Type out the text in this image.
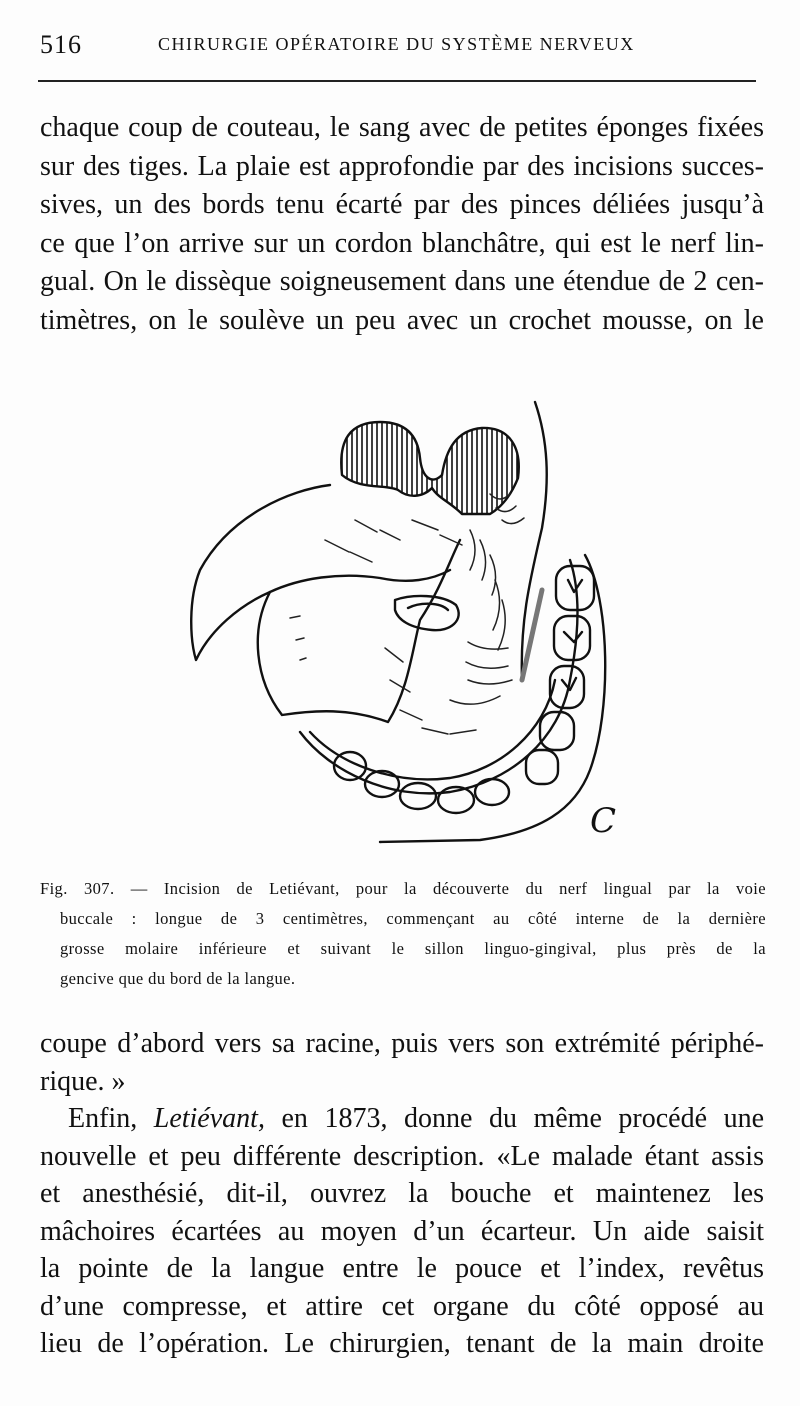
516	CHIRURGIE OPÉRATOIRE DU SYSTÈME NERVEUX
chaque coup de couteau, le sang avec de petites éponges fixées
sur des tiges. La plaie est approfondie par des incisions succes-
sives, un des bords tenu écarté par des pinces déliées jusqu’à
ce que l’on arrive sur un cordon blanchâtre, qui est le nerf lin-
gual. On le dissèque soigneusement dans une étendue de 2 cen-
timètres, on le soulève un peu avec un crochet mousse, on le
C
Fig. 307. — Incision de Letiévant, pour la découverte du nerf lingual par la voie
buccale : longue de 3 centimètres, commençant au côté interne de la dernière
grosse molaire inférieure et suivant le sillon linguo-gingival, plus près de la
gencive que du bord de la langue.
coupe d’abord vers sa racine, puis vers son extrémité périphé-
rique. »
Enfin, Letiévant, en 1873, donne du même procédé une
nouvelle et peu différente description. «Le malade étant assis
et anesthésié, dit-il, ouvrez la bouche et maintenez les
mâchoires écartées au moyen d’un écarteur. Un aide saisit
la pointe de la langue entre le pouce et l’index, revêtus
d’une compresse, et attire cet organe du côté opposé au
lieu de l’opération. Le chirurgien, tenant de la main droite
